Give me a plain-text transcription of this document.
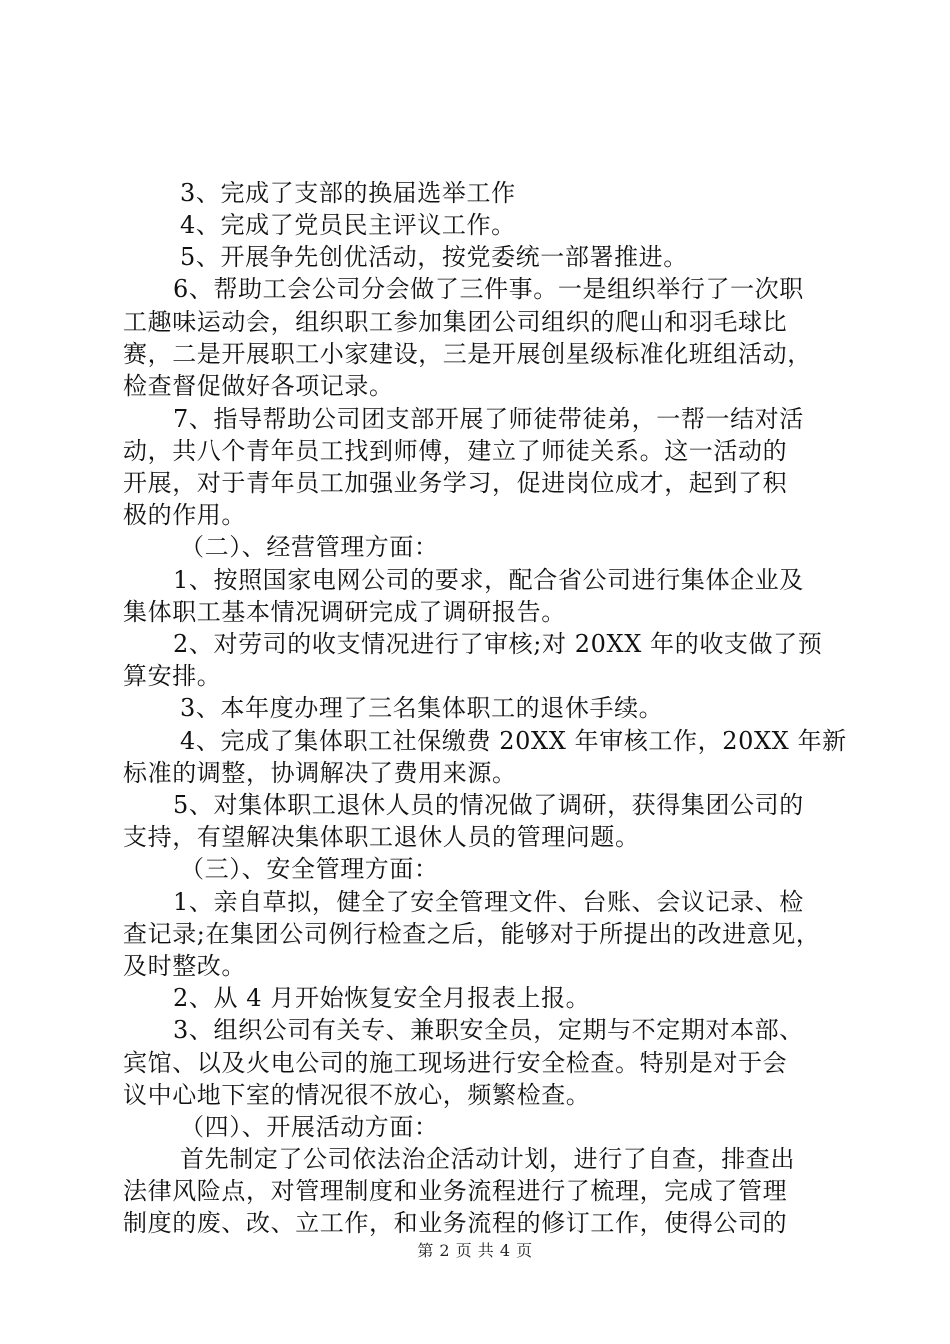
3、完成了支部的换届选举工作
4、完成了党员民主评议工作。
5、开展争先创优活动，按党委统一部署推进。
6、帮助工会公司分会做了三件事。一是组织举行了一次职
工趣味运动会，组织职工参加集团公司组织的爬山和羽毛球比
赛，二是开展职工小家建设，三是开展创星级标准化班组活动，
检查督促做好各项记录。
7、指导帮助公司团支部开展了师徒带徒弟，一帮一结对活
动，共八个青年员工找到师傅，建立了师徒关系。这一活动的
开展，对于青年员工加强业务学习，促进岗位成才，起到了积
极的作用。
（二）、经营管理方面：
1、按照国家电网公司的要求，配合省公司进行集体企业及
集体职工基本情况调研完成了调研报告。
2、对劳司的收支情况进行了审核;对 20XX 年的收支做了预
算安排。
3、本年度办理了三名集体职工的退休手续。
4、完成了集体职工社保缴费 20XX 年审核工作，20XX 年新
标准的调整，协调解决了费用来源。
5、对集体职工退休人员的情况做了调研，获得集团公司的
支持，有望解决集体职工退休人员的管理问题。
（三）、安全管理方面：
1、亲自草拟，健全了安全管理文件、台账、会议记录、检
查记录;在集团公司例行检查之后，能够对于所提出的改进意见，
及时整改。
2、从 4 月开始恢复安全月报表上报。
3、组织公司有关专、兼职安全员，定期与不定期对本部、
宾馆、以及火电公司的施工现场进行安全检查。特别是对于会
议中心地下室的情况很不放心，频繁检查。
（四）、开展活动方面：
首先制定了公司依法治企活动计划，进行了自查，排查出
法律风险点，对管理制度和业务流程进行了梳理，完成了管理
制度的废、改、立工作，和业务流程的修订工作，使得公司的
第 2 页 共 4 页
